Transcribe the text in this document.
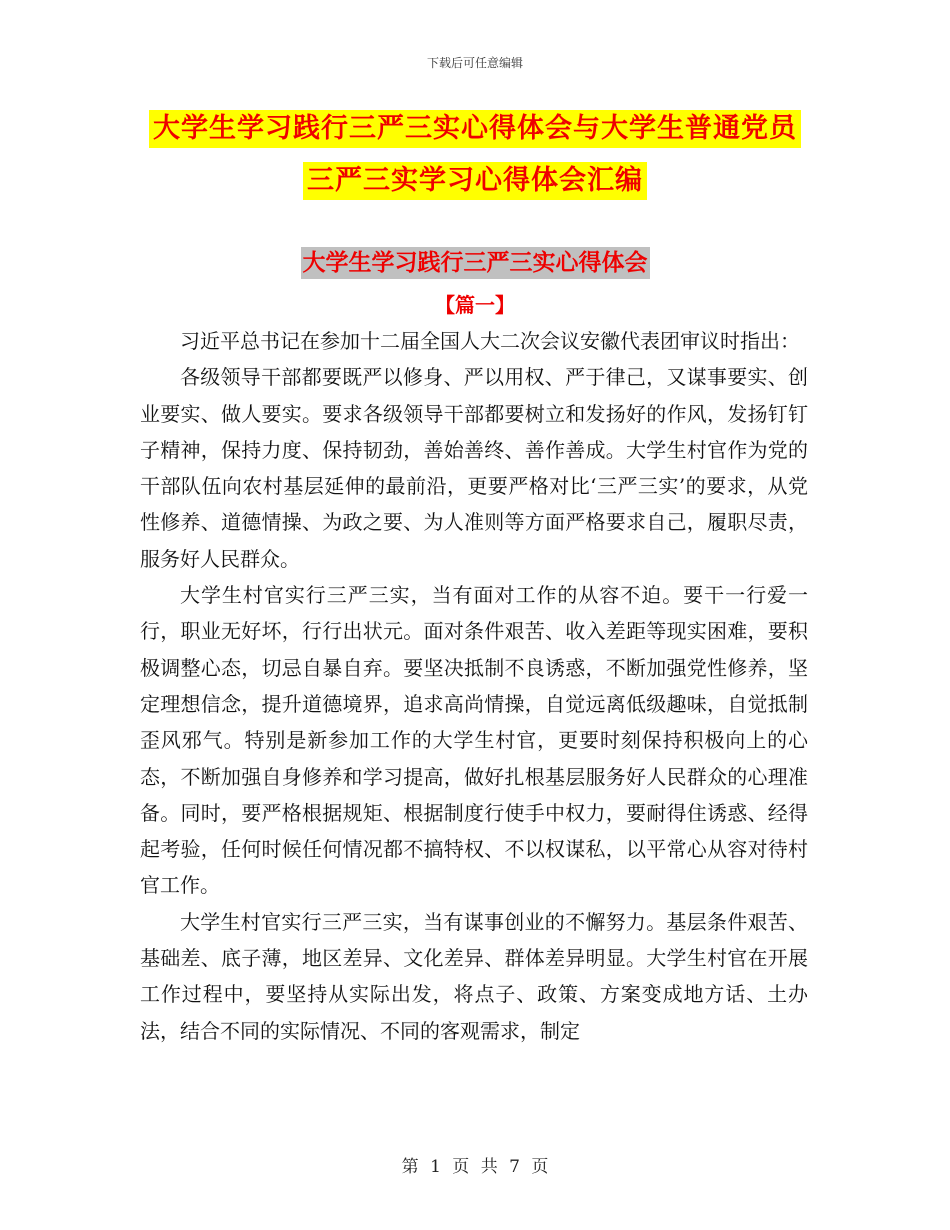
下载后可任意编辑
大学生学习践行三严三实心得体会与大学生普通党员
三严三实学习心得体会汇编
大学生学习践行三严三实心得体会
【篇一】

习近平总书记在参加十二届全国人大二次会议安徽代表团审议时指出：

各级领导干部都要既严以修身、严以用权、严于律己，又谋事要实、创业要实、做人要实。要求各级领导干部都要树立和发扬好的作风，发扬钉钉子精神，保持力度、保持韧劲，善始善终、善作善成。大学生村官作为党的干部队伍向农村基层延伸的最前沿，更要严格对比‘三严三实’的要求，从党性修养、道德情操、为政之要、为人准则等方面严格要求自己，履职尽责，服务好人民群众。

大学生村官实行三严三实，当有面对工作的从容不迫。要干一行爱一行，职业无好坏，行行出状元。面对条件艰苦、收入差距等现实困难，要积极调整心态，切忌自暴自弃。要坚决抵制不良诱惑，不断加强党性修养，坚定理想信念，提升道德境界，追求高尚情操，自觉远离低级趣味，自觉抵制歪风邪气。特别是新参加工作的大学生村官，更要时刻保持积极向上的心态，不断加强自身修养和学习提高，做好扎根基层服务好人民群众的心理准备。同时，要严格根据规矩、根据制度行使手中权力，要耐得住诱惑、经得起考验，任何时候任何情况都不搞特权、不以权谋私，以平常心从容对待村官工作。

大学生村官实行三严三实，当有谋事创业的不懈努力。基层条件艰苦、基础差、底子薄，地区差异、文化差异、群体差异明显。大学生村官在开展工作过程中，要坚持从实际出发，将点子、政策、方案变成地方话、土办法，结合不同的实际情况、不同的客观需求，制定

第 1 页 共 7 页
